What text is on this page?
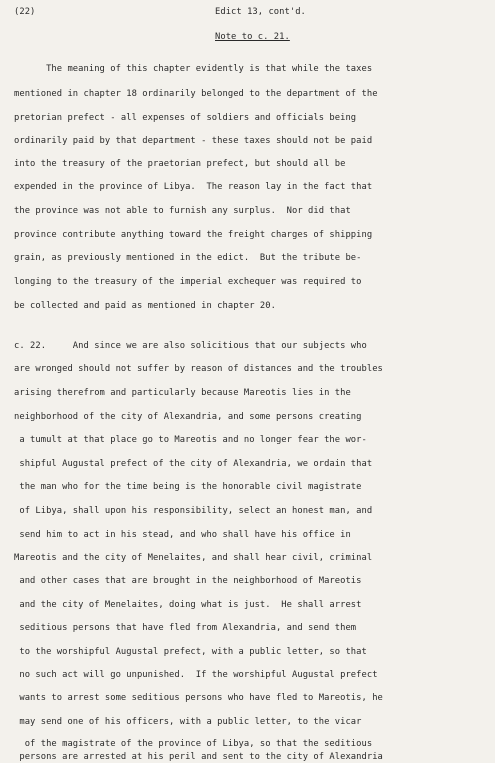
(22)	Edict 13, cont'd.
Note to c. 21.
The meaning of this chapter evidently is that while the taxes
mentioned in chapter 18 ordinarily belonged to the department of the
pretorian prefect - all expenses of soldiers and officials being
ordinarily paid by that department - these taxes should not be paid
into the treasury of the praetorian prefect, but should all be
expended in the province of Libya.  The reason lay in the fact that
the province was not able to furnish any surplus.  Nor did that
province contribute anything toward the freight charges of shipping
grain, as previously mentioned in the edict.  But the tribute be-
longing to the treasury of the imperial exchequer was required to
be collected and paid as mentioned in chapter 20.
c. 22.     And since we are also solicitious that our subjects who
are wronged should not suffer by reason of distances and the troubles
arising therefrom and particularly because Mareotis lies in the
neighborhood of the city of Alexandria, and some persons creating
a tumult at that place go to Mareotis and no longer fear the wor-
shipful Augustal prefect of the city of Alexandria, we ordain that
the man who for the time being is the honorable civil magistrate
of Libya, shall upon his responsibility, select an honest man, and
send him to act in his stead, and who shall have his office in
Mareotis and the city of Menelaites, and shall hear civil, criminal
and other cases that are brought in the neighborhood of Mareotis
and the city of Menelaites, doing what is just.  He shall arrest
seditious persons that have fled from Alexandria, and send them
to the worshipful Augustal prefect, with a public letter, so that
no such act will go unpunished.  If the worshipful Augustal prefect
wants to arrest some seditious persons who have fled to Mareotis, he
may send one of his officers, with a public letter, to the vicar
of the magistrate of the province of Libya, so that the seditious
persons are arrested at his peril and sent to the city of Alexandria
